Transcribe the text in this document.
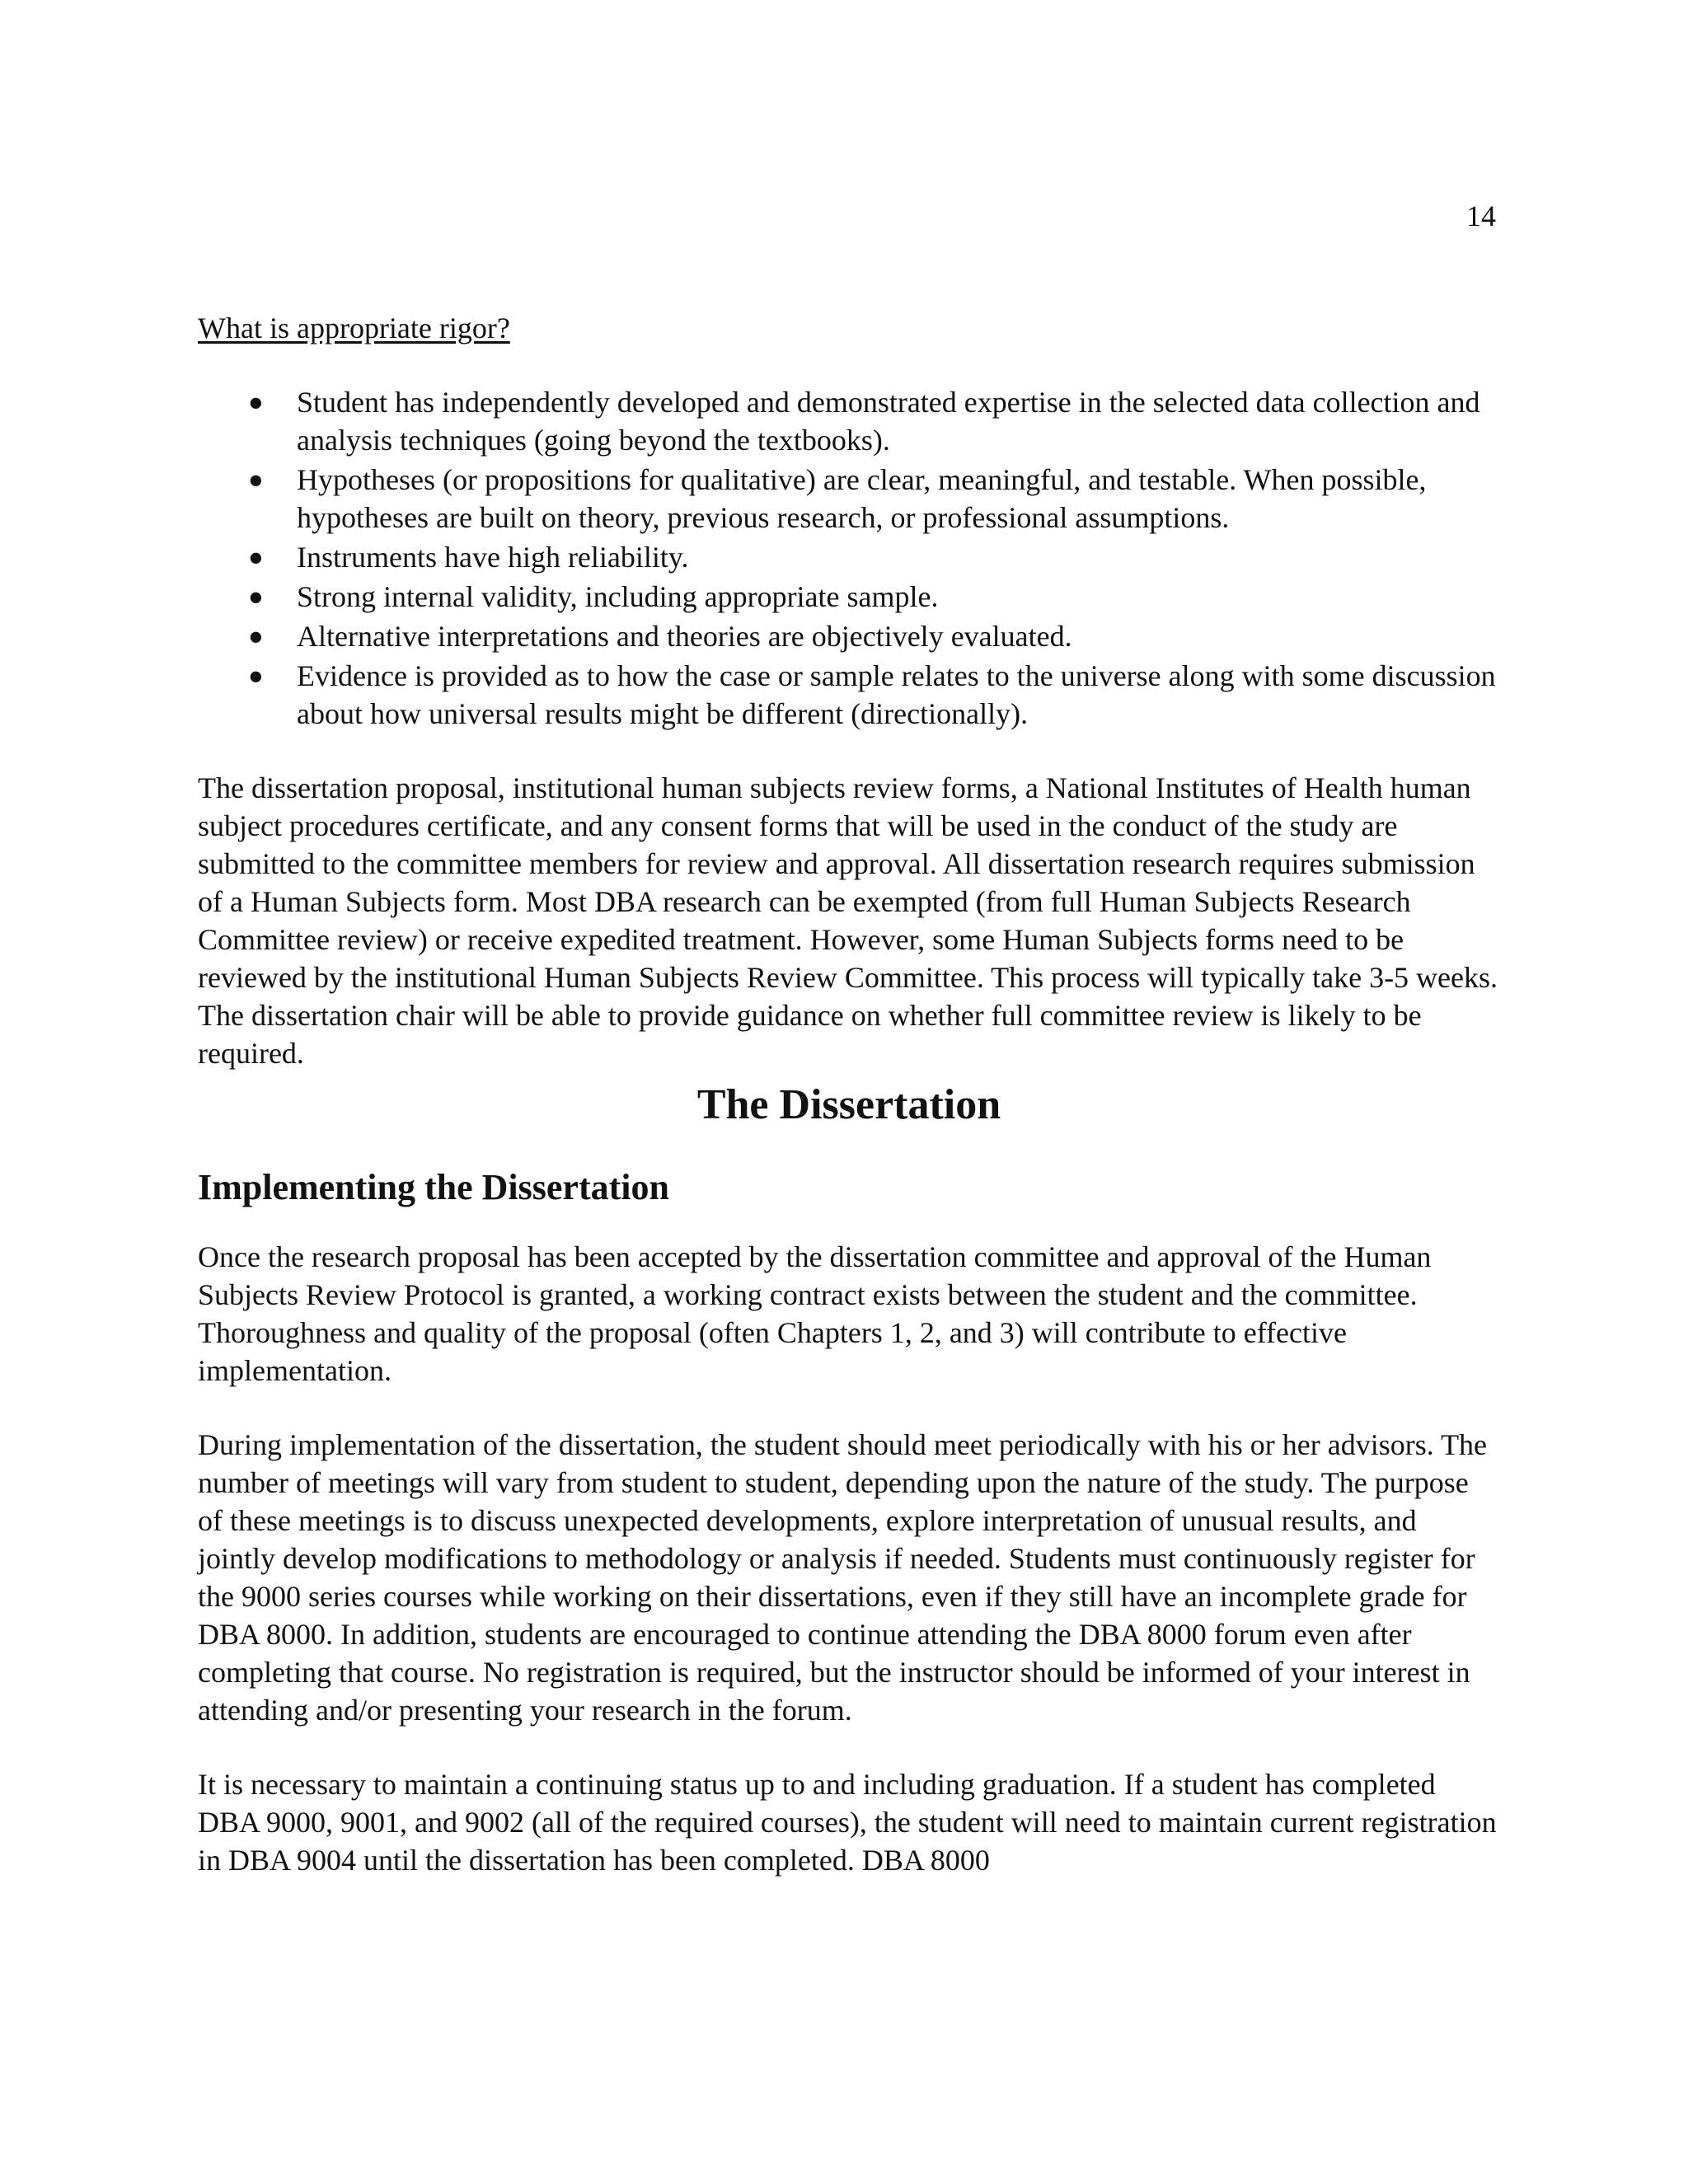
14

What is appropriate rigor?

● Student has independently developed and demonstrated expertise in the selected data collection and analysis techniques (going beyond the textbooks).
● Hypotheses (or propositions for qualitative) are clear, meaningful, and testable. When possible, hypotheses are built on theory, previous research, or professional assumptions.
● Instruments have high reliability.
● Strong internal validity, including appropriate sample.
● Alternative interpretations and theories are objectively evaluated.
● Evidence is provided as to how the case or sample relates to the universe along with some discussion about how universal results might be different (directionally).

The dissertation proposal, institutional human subjects review forms, a National Institutes of Health human subject procedures certificate, and any consent forms that will be used in the conduct of the study are submitted to the committee members for review and approval. All dissertation research requires submission of a Human Subjects form. Most DBA research can be exempted (from full Human Subjects Research Committee review) or receive expedited treatment. However, some Human Subjects forms need to be reviewed by the institutional Human Subjects Review Committee. This process will typically take 3-5 weeks. The dissertation chair will be able to provide guidance on whether full committee review is likely to be required.

The Dissertation
Implementing the Dissertation

Once the research proposal has been accepted by the dissertation committee and approval of the Human Subjects Review Protocol is granted, a working contract exists between the student and the committee. Thoroughness and quality of the proposal (often Chapters 1, 2, and 3) will contribute to effective implementation.

During implementation of the dissertation, the student should meet periodically with his or her advisors. The number of meetings will vary from student to student, depending upon the nature of the study. The purpose of these meetings is to discuss unexpected developments, explore interpretation of unusual results, and jointly develop modifications to methodology or analysis if needed. Students must continuously register for the 9000 series courses while working on their dissertations, even if they still have an incomplete grade for DBA 8000. In addition, students are encouraged to continue attending the DBA 8000 forum even after completing that course. No registration is required, but the instructor should be informed of your interest in attending and/or presenting your research in the forum.

It is necessary to maintain a continuing status up to and including graduation. If a student has completed DBA 9000, 9001, and 9002 (all of the required courses), the student will need to maintain current registration in DBA 9004 until the dissertation has been completed. DBA 8000
